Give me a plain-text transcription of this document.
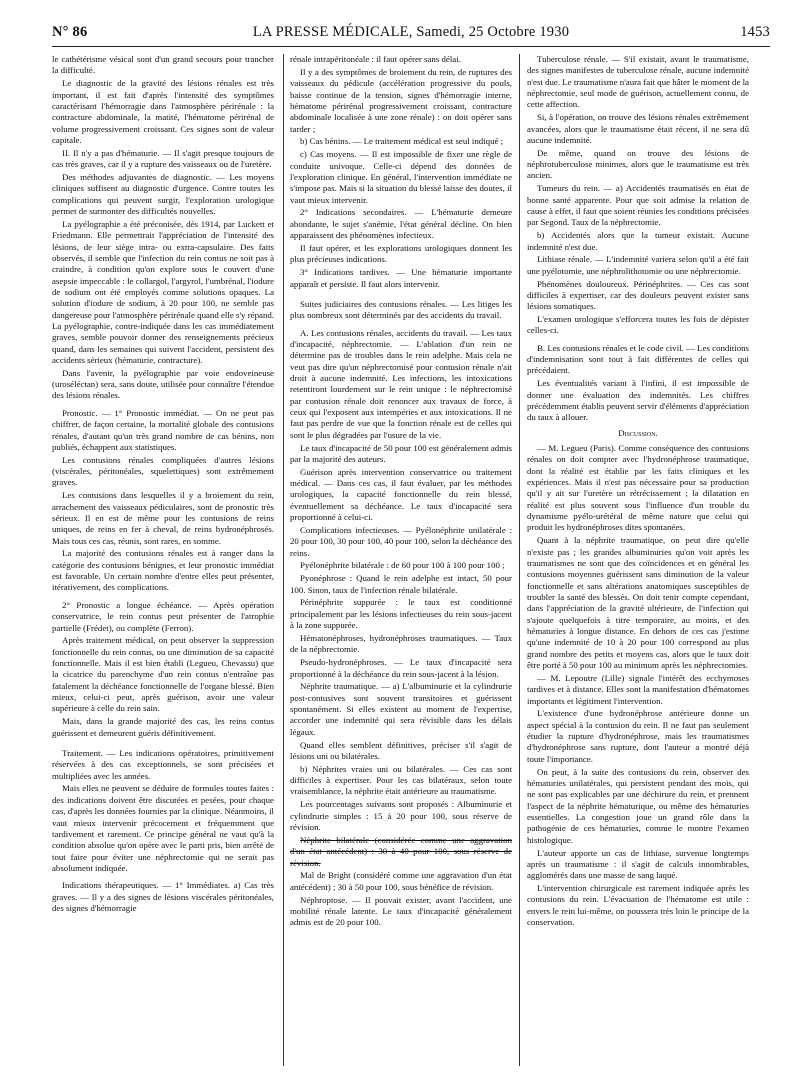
N° 86	LA PRESSE MÉDICALE, Samedi, 25 Octobre 1930	1453

le cathétérisme vésical sont d'un grand secours pour trancher la difficulté.

Le diagnostic de la gravité des lésions rénales est très important, il est fait d'après l'intensité des symptômes caractérisant l'hémorragie dans l'atmosphère périrénale : la contracture abdominale, la matité, l'hématome périrénal de volume progressivement croissant. Ces signes sont de valeur capitale.

II. Il n'y a pas d'hématurie. — Il s'agit presque toujours de cas très graves, car il y a rupture des vaisseaux ou de l'uretère.

Des méthodes adjuvantes de diagnostic. — Les moyens cliniques suffisent au diagnostic d'urgence. Contre toutes les complications qui peuvent surgir, l'exploration urologique permet de surmonter des difficultés nouvelles.

La pyélographie a été préconisée, dès 1914, par Luckett et Friedmann. Elle permettrait l'appréciation de l'intensité des lésions, de leur siège intra- ou extra-capsulaire. Des faits observés, il semble que l'infection du rein contus ne soit pas à craindre, à condition qu'on explore sous le couvert d'une asepsie impeccable : le collargol, l'argyrol, l'umbrénal, l'iodure de sodium ont été employés comme solutions opaques. La solution d'iodure de sodium, à 20 pour 100, ne semble pas dangereuse pour l'atmosphère périrénale quand elle s'y répand. La pyélographie, contre-indiquée dans les cas immédiatement graves, semble pouvoir donner des renseignements précieux quand, dans les semaines qui suivent l'accident, persistent des accidents sérieux (hématurie, contracture).

Dans l'avenir, la pyélographie par voie endoveineuse (uroséléctan) sera, sans doute, utilisée pour connaître l'étendue des lésions rénales.

Pronostic. — 1° Pronostic immédiat. — On ne peut pas chiffrer, de façon certaine, la mortalité globale des contusions rénales, d'autant qu'un très grand nombre de cas bénins, non publiés, échappent aux statistiques.

Les contusions rénales compliquées d'autres lésions (viscérales, péritonéales, squelettiques) sont extrêmement graves.

Les contusions dans lesquelles il y a broiement du rein, arrachement des vaisseaux pédiculaires, sont de pronostic très sérieux. Il en est de même pour les contusions de reins uniques, de reins en fer à cheval, de reins hydronéphrosés. Mais tous ces cas, réunis, sont rares, en somme.

La majorité des contusions rénales est à ranger dans la catégorie des contusions bénignes, et leur pronostic immédiat est favorable. Un certain nombre d'entre elles peut présenter, itérativement, des complications.

2° Pronostic a longue échéance. — Après opération conservatrice, le rein contus peut présenter de l'atrophie partielle (Frédet), ou complète (Ferron).

Après traitement médical, on peut observer la suppression fonctionnelle du rein contus, ou une diminution de sa capacité fonctionnelle. Mais il est bien établi (Legueu, Chevassu) que la cicatrice du parenchyme d'un rein contus n'entraîne pas fatalement la déchéance fonctionnelle de l'organe blessé. Bien mieux, celui-ci peut, après guérison, avoir une valeur supérieure à celle du rein sain.

Mais, dans la grande majorité des cas, les reins contus guérissent et demeurent guéris définitivement.

Traitement. — Les indications opératoires, primitivement réservées à des cas exceptionnels, se sont précisées et multipliées avec les années.

Mais elles ne peuvent se déduire de formules toutes faites : des indications doivent être discutées et pesées, pour chaque cas, d'après les données fournies par la clinique. Néanmoins, il vaut mieux intervenir précocement et fréquemment que tardivement et rarement. Ce principe général ne vaut qu'à la condition absolue qu'on opère avec le parti pris, bien arrêté de tout faire pour éviter une néphrectomie qui ne serait pas absolument indiquée.

Indications thérapeutiques. — 1° Immédiates. a) Cas très graves. — Il y a des signes de lésions viscérales péritonéales, des signes d'hémorragie

rénale intrapéritonéale : il faut opérer sans délai.

Il y a des symptômes de broiement du rein, de ruptures des vaisseaux du pédicule (accélération progressive du pouls, baisse continue de la tension, signes d'hémorragie interne, hématome périrénal progressivement croissant, contracture abdominale localisée à une zone rénale) : on doit opérer sans tarder ;

b) Cas bénins. — Le traitement médical est seul indiqué ;

c) Cas moyens. — Il est impossible de fixer une règle de conduite univoque. Celle-ci dépend des données de l'exploration clinique. En général, l'intervention immédiate ne s'impose pas. Mais si la situation du blessé laisse des doutes, il vaut mieux intervenir.

2° Indications secondaires. — L'hématurie demeure abondante, le sujet s'anémie, l'état général décline. On bien apparaissent des phénomènes infectieux.

Il faut opérer, et les explorations urologiques donnent les plus précieuses indications.

3° Indications tardives. — Une hématurie importante apparaît et persiste. Il faut alors intervenir.

Suites judiciaires des contusions rénales. — Les litiges les plus nombreux sont déterminés par des accidents du travail.

A. Les contusions rénales, accidents du travail. — Les taux d'incapacité, néphrectomie. — L'ablation d'un rein ne détermine pas de troubles dans le rein adelphe. Mais cela ne veut pas dire qu'un néphrectomisé pour contusion rénale n'ait droit à aucune indemnité. Les infections, les intoxications retentiront lourdement sur le rein unique : le néphrectomisé par contusion rénale doit renoncer aux travaux de force, à ceux qui l'exposent aux intempéries et aux intoxications. Il ne faut pas perdre de vue que la fonction rénale est de celles qui sont le plus dégradées par l'usure de la vie.

Le taux d'incapacité de 50 pour 100 est généralement admis par la majorité des auteurs.

Guérison après intervention conservatrice ou traitement médical. — Dans ces cas, il faut évaluer, par les méthodes urologiques, la capacité fonctionnelle du rein blessé, éventuellement sa déchéance. Le taux d'incapacité sera proportionné à celui-ci.

Complications infectieuses. — Pyélonéphrite unilatérale : 20 pour 100, 30 pour 100, 40 pour 100, selon la déchéance des reins.

Pyélonéphrite bilatérale : de 60 pour 100 à 100 pour 100 ;

Pyonéphrose : Quand le rein adelphe est intact, 50 pour 100. Sinon, taux de l'infection rénale bilatérale.

Périnéphrite suppurée : le taux est conditionné principalement par les lésions infectieuses du rein sous-jacent à la zone suppurée.

Hématonéphroses, hydronéphroses traumatiques. — Taux de la néphrectomie.

Pseudo-hydronéphroses. — Le taux d'incapacité sera proportionné à la déchéance du rein sous-jacent à la lésion.

Néphrite traumatique. — a) L'albuminurie et la cylindrurie post-contusives sont souvent transitoires et guérissent spontanément. Si elles existent au moment de l'expertise, accorder une indemnité qui sera révisible dans les délais légaux.

Quand elles semblent définitives, préciser s'il s'agit de lésions uni ou bilatérales.

b) Néphrites vraies uni ou bilatérales. — Ces cas sont difficiles à expertiser. Pour les cas bilatéraux, selon toute vraisemblance, la néphrite était antérieure au traumatisme.

Les pourcentages suivants sont proposés : Albuminurie et cylindrurie simples : 15 à 20 pour 100, sous réserve de révision.

Néphrite bilatérale (considérée comme une aggravation d'un état antécédent) : 30 à 40 pour 100, sous réserve de révision.

Mal de Bright (considéré comme une aggravation d'un état antécédent) ; 30 à 50 pour 100, sous bénéfice de révision.

Néphroptose. — Il pouvait exister, avant l'accident, une mobilité rénale latente. Le taux d'incapacité généralement admis est de 20 pour 100.

Tuberculose rénale. — S'il existait, avant le traumatisme, des signes manifestes de tuberculose rénale, aucune indemnité n'est due. Le traumatisme n'aura fait que hâter le moment de la néphrectomie, seul mode de guérison, actuellement connu, de cette affection.

Si, à l'opération, on trouve des lésions rénales extrêmement avancées, alors que le traumatisme était récent, il ne sera dû aucune indemnité.

De même, quand on trouve des lésions de néphrotuberculose minimes, alors que le traumatisme est très ancien.

Tumeurs du rein. — a) Accidentés traumatisés en état de bonne santé apparente. Pour que soit admise la relation de cause à effet, il faut que soient réunies les conditions précisées par Segond. Taux de la néphrectomie.

b) Accidentés alors que la tumeur existait. Aucune indemnité n'est due.

Lithiase rénale. — L'indemnité variera selon qu'il a été fait une pyélotomie, une néphrolithotomie ou une néphrectomie.

Phénomènes douloureux. Périnéphrites. — Ces cas sont difficiles à expertiser, car des douleurs peuvent exister sans lésions somatiques.

L'examen urologique s'efforcera toutes les fois de dépister celles-ci.

B. Les contusions rénales et le code civil. — Les conditions d'indemnisation sont tout à fait différentes de celles qui précédaient.

Les éventualités variant à l'infini, il est impossible de donner une évaluation des indemnités. Les chiffres précédemment établis peuvent servir d'éléments d'appréciation du taux à allouer.

Discussion.

— M. Legueu (Paris). Comme conséquence des contusions rénales on doit compter avec l'hydronéphrose traumatique, dont la réalité est établie par les faits cliniques et les expériences. Mais il n'est pas nécessaire pour sa production qu'il y ait sur l'uretère un rétrécissement ; la dilatation en réalité est plus souvent sous l'influence d'un trouble du dynamisme pyélo-urétéral de même nature que celui qui produit les hydronéphroses dites spontanées.

Quant à la néphrite traumatique, on peut dire qu'elle n'existe pas ; les grandes albuminuries qu'on voit après les traumatismes ne sont que des coïncidences et en général les contusions moyennes guérissent sans diminution de la valeur fonctionnelle et sans altérations anatomiques susceptibles de troubler la santé des blessés. On doit tenir compte cependant, dans l'appréciation de la gravité ultérieure, de l'infection qui s'ajoute quelquefois à titre temporaire, au moins, et des hématuries à longue distance. En dehors de ces cas j'estime qu'une indemnité de 10 à 20 pour 100 correspond au plus grand nombre des petits et moyens cas, alors que le taux doit être porté à 50 pour 100 au minimum après les néphrectomies.

— M. Lepoutre (Lille) signale l'intérêt des ecchymoses tardives et à distance. Elles sont la manifestation d'hématomes importants et légitiment l'intervention.

L'existence d'une hydronéphrose antérieure donne un aspect spécial à la contusion du rein. Il ne faut pas seulement étudier la rupture d'hydronéphrose, mais les traumatismes d'hydronéphrose sans rupture, dont l'auteur a montré déjà toute l'importance.

On peut, à la suite des contusions du rein, observer des hématuries unilatérales, qui persistent pendant des mois, qui ne sont pas explicables par une déchirure du rein, et prennent l'aspect de la néphrite hématurique, ou même des hématuries essentielles. La congestion joue un grand rôle dans la pathogénie de ces hématuries, comme le montre l'examen histologique.

L'auteur apporte un cas de lithiase, survenue longtemps après un traumatisme : il s'agit de calculs innombrables, agglomérés dans une masse de sang laqué.

L'intervention chirurgicale est rarement indiquée après les contusions du rein. L'évacuation de l'hématome est utile : envers le rein lui-même, on poussera très loin le principe de la conservation.
